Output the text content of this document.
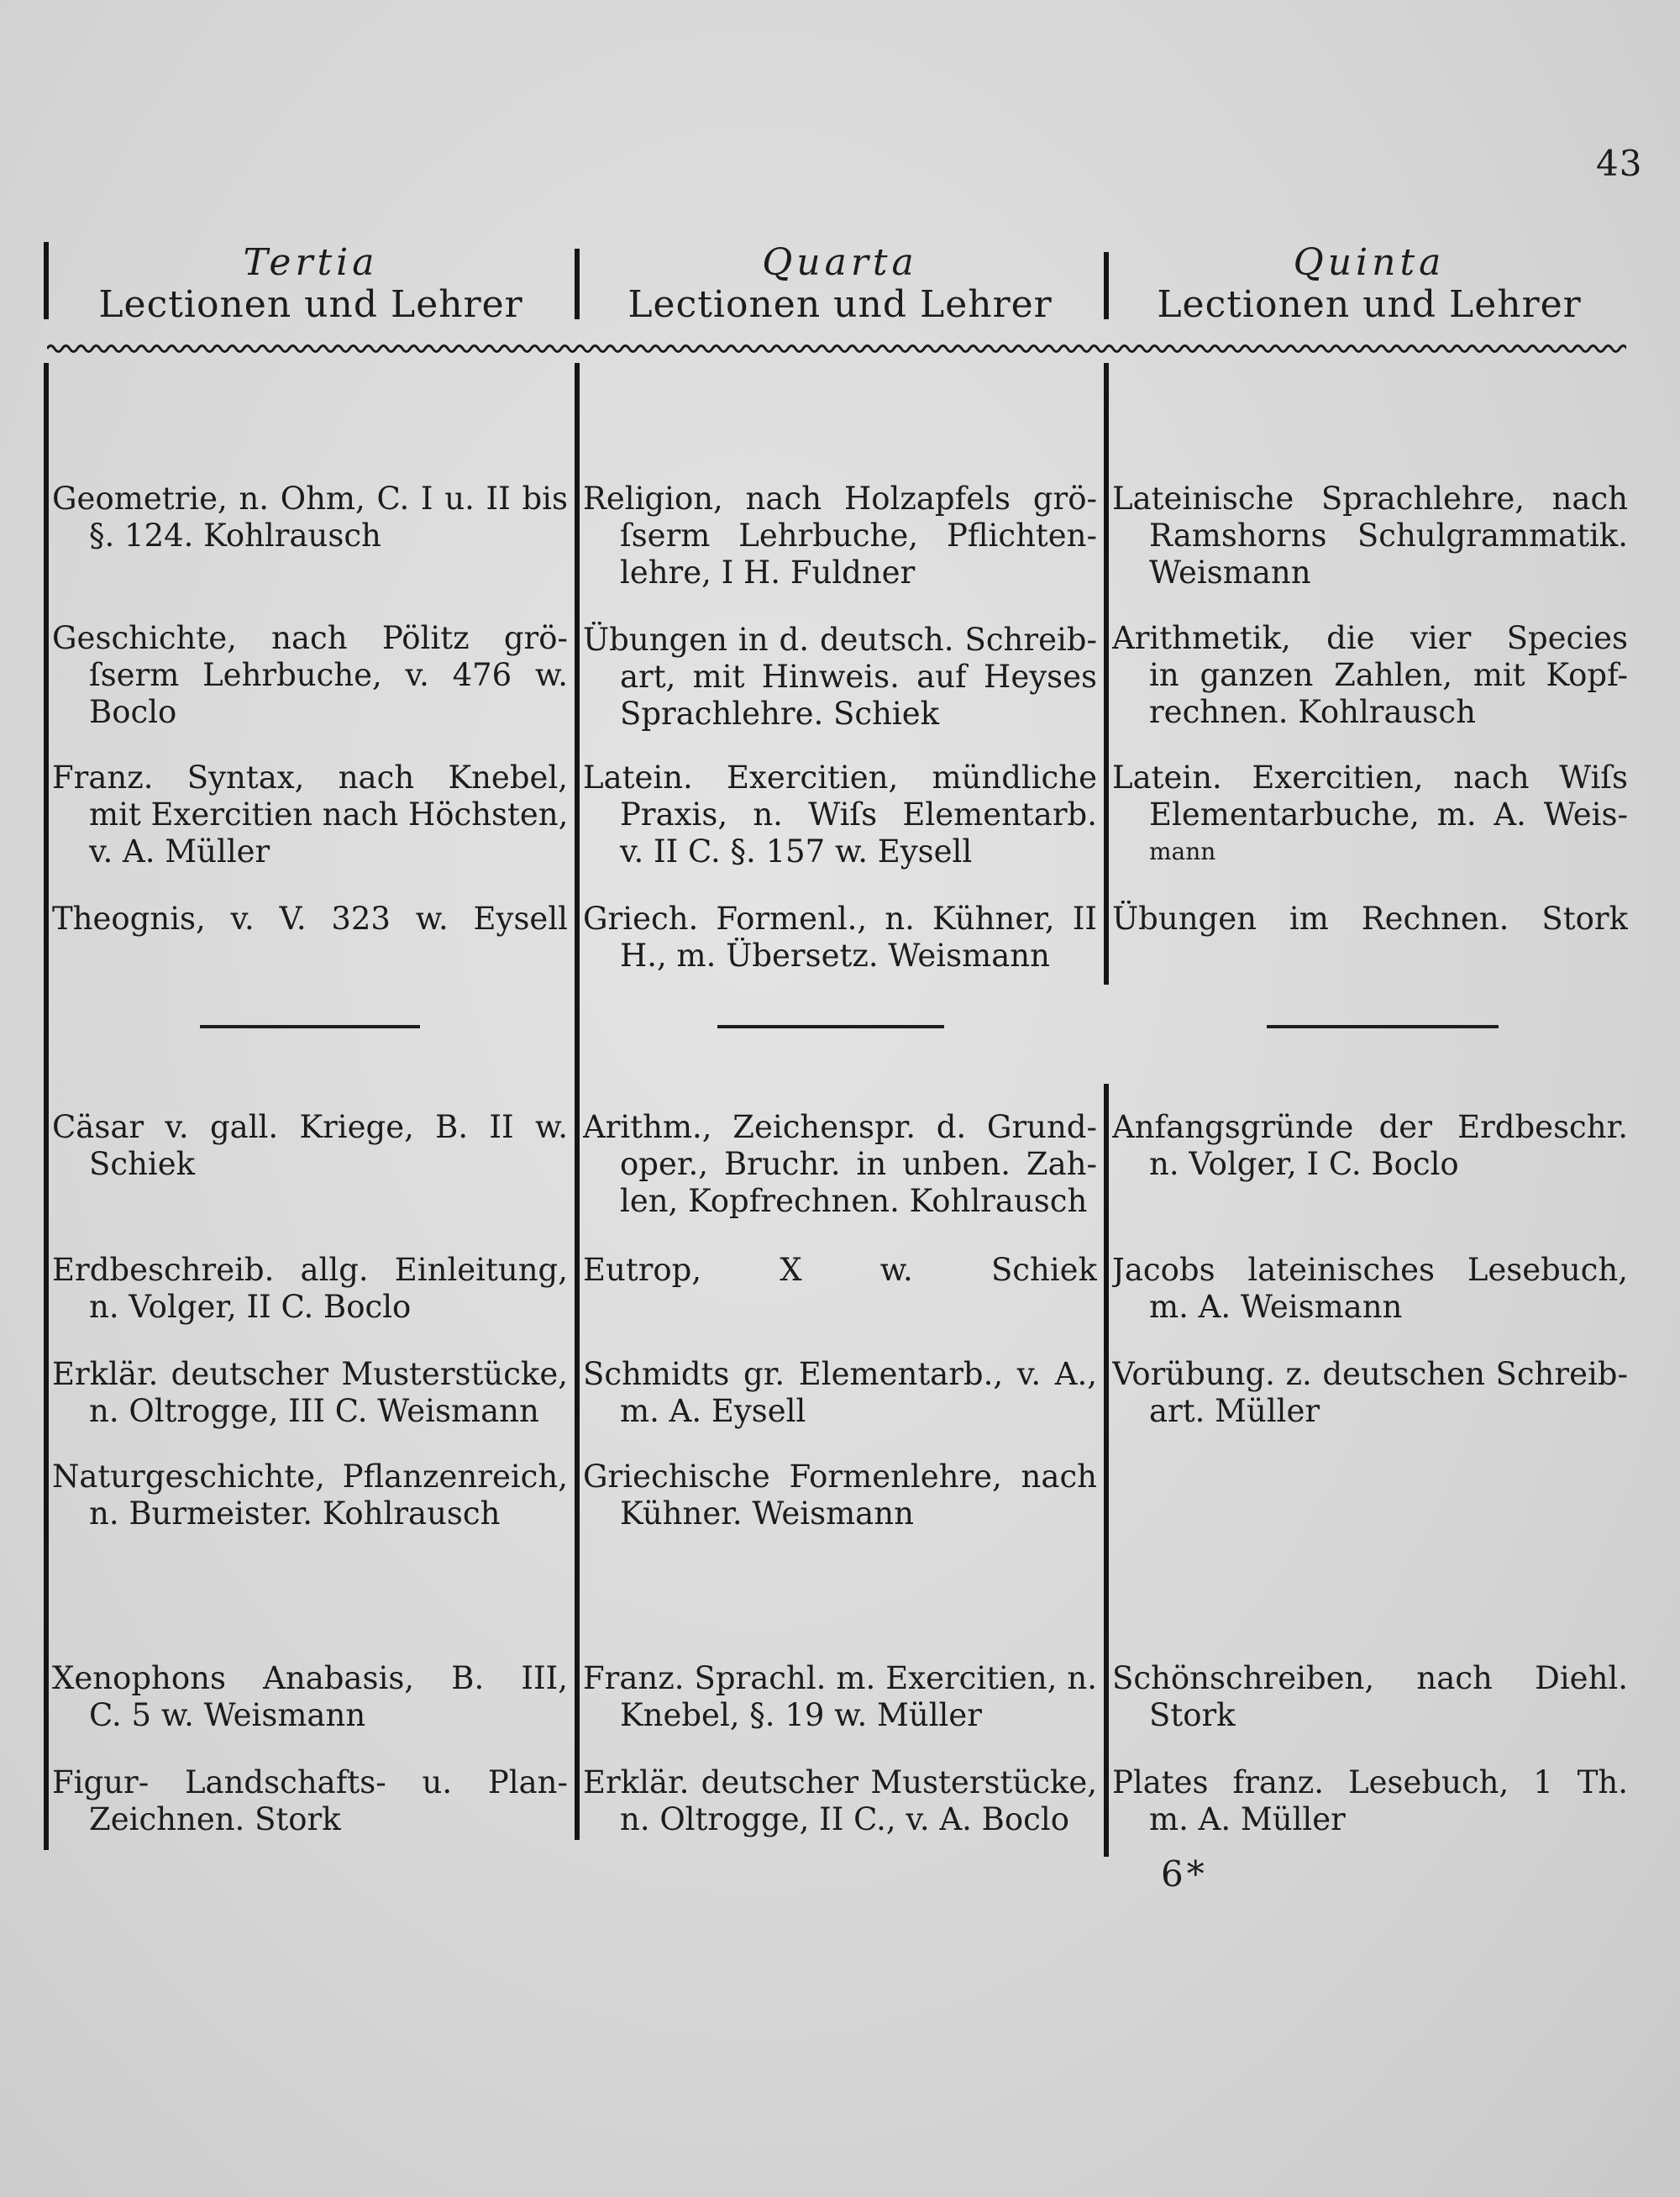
43
Tertia
Lectionen und Lehrer
Quarta
Lectionen und Lehrer
Quinta
Lectionen und Lehrer
Geometrie, n. Ohm, C. I u. II bis
§. 124. Kohlrausch
Geschichte, nach Pölitz grö-
ſserm Lehrbuche, v. 476 w.
Boclo
Franz. Syntax, nach Knebel,
mit Exercitien nach Höchsten,
v. A. Müller
Theognis, v. V. 323 w. Eysell
Religion, nach Holzapfels grö-
ſserm Lehrbuche, Pflichten-
lehre, I H. Fuldner
Übungen in d. deutsch. Schreib-
art, mit Hinweis. auf Heyses
Sprachlehre. Schiek
Latein. Exercitien, mündliche
Praxis, n. Wiſs Elementarb.
v. II C. §. 157 w. Eysell
Griech. Formenl., n. Kühner, II
H., m. Übersetz. Weismann
Lateinische Sprachlehre, nach
Ramshorns Schulgrammatik.
Weismann
Arithmetik, die vier Species
in ganzen Zahlen, mit Kopf-
rechnen. Kohlrausch
Latein. Exercitien, nach Wiſs
Elementarbuche, m. A. Weis-
mann
Übungen im Rechnen. Stork
Cäsar v. gall. Kriege, B. II w.
Schiek
Erdbeschreib. allg. Einleitung,
n. Volger, II C. Boclo
Erklär. deutscher Musterstücke,
n. Oltrogge, III C. Weismann
Naturgeschichte, Pflanzenreich,
n. Burmeister. Kohlrausch
Xenophons Anabasis, B. III,
C. 5 w. Weismann
Figur- Landschafts- u. Plan-
Zeichnen. Stork
Arithm., Zeichenspr. d. Grund-
oper., Bruchr. in unben. Zah-
len, Kopfrechnen. Kohlrausch
Eutrop, X w. Schiek
Schmidts gr. Elementarb., v. A.,
m. A. Eysell
Griechische Formenlehre, nach
Kühner. Weismann
Franz. Sprachl. m. Exercitien, n.
Knebel, §. 19 w. Müller
Erklär. deutscher Musterstücke,
n. Oltrogge, II C., v. A. Boclo
Anfangsgründe der Erdbeschr.
n. Volger, I C. Boclo
Jacobs lateinisches Lesebuch,
m. A. Weismann
Vorübung. z. deutschen Schreib-
art. Müller
Schönschreiben, nach Diehl.
Stork
Plates franz. Lesebuch, 1 Th.
m. A. Müller
6*
